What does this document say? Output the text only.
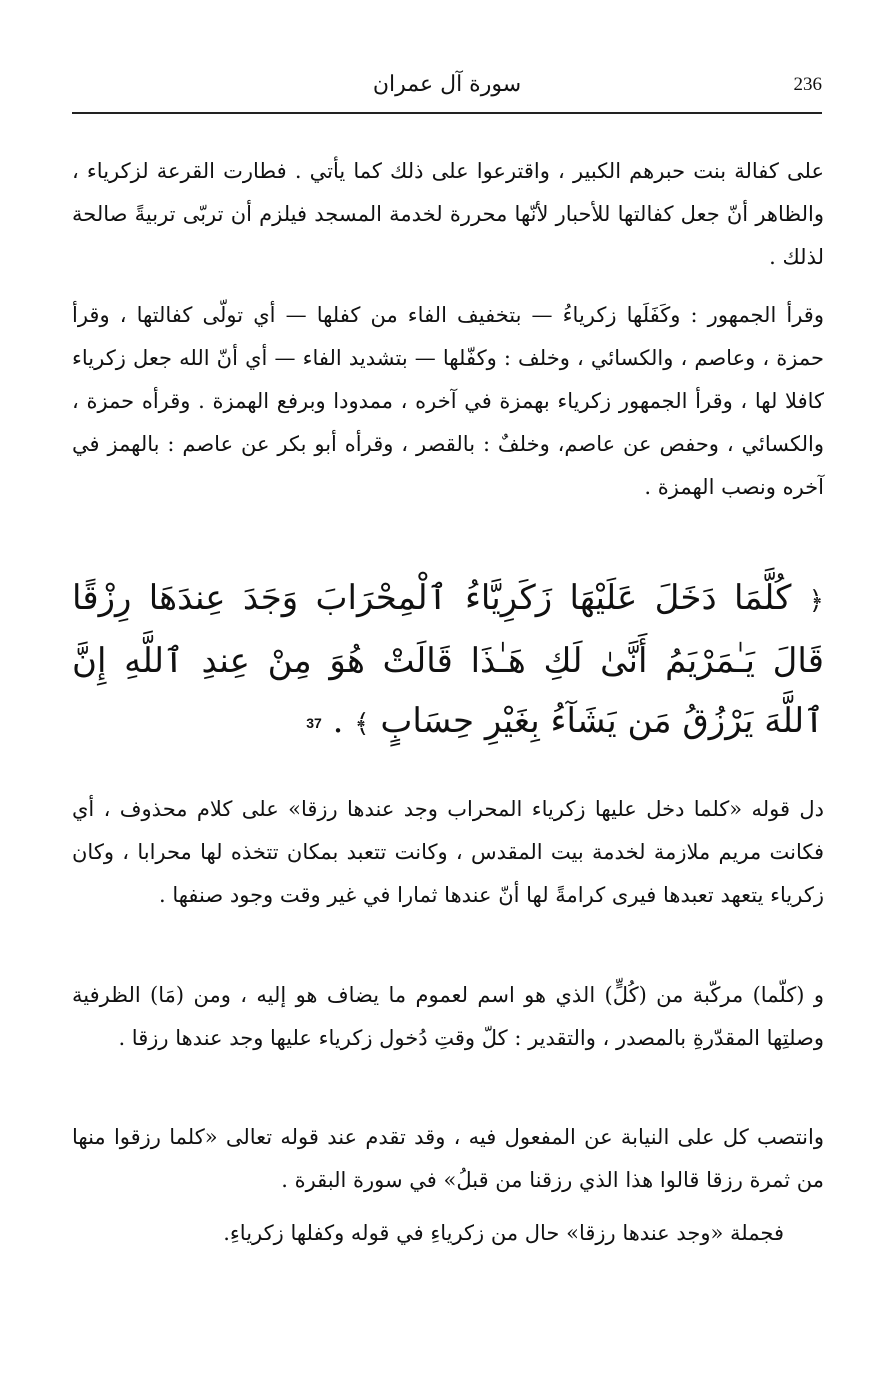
236
سورة آل عمران
على كفالة بنت حبرهم الكبير ، واقترعوا على ذلك كما يأتي . فطارت القرعة لزكرياء ، والظاهر أنّ جعل كفالتها للأحبار لأنّها محررة لخدمة المسجد فيلزم أن تربّى تربيةً صالحة لذلك .
وقرأ الجمهور : وكَفَلَها زكرياءُ — بتخفيف الفاء من كفلها — أي تولّى كفالتها ، وقرأ حمزة ، وعاصم ، والكسائي ، وخلف : وكفّلها — بتشديد الفاء — أي أنّ الله جعل زكرياء كافلا لها ، وقرأ الجمهور زكرياء بهمزة في آخره ، ممدودا وبرفع الهمزة . وقرأه حمزة ، والكسائي ، وحفص عن عاصم، وخلفٌ : بالقصر ، وقرأه أبو بكر عن عاصم : بالهمز في آخره ونصب الهمزة .
﴿ كُلَّمَا دَخَلَ عَلَيْهَا زَكَرِيَّاءُ ٱلْمِحْرَابَ وَجَدَ عِندَهَا رِزْقًا قَالَ يَـٰمَرْيَمُ أَنَّىٰ لَكِ هَـٰذَا قَالَتْ هُوَ مِنْ عِندِ ٱللَّهِ إِنَّ ٱللَّهَ يَرْزُقُ مَن يَشَآءُ بِغَيْرِ حِسَابٍ ﴾ . 37
دل قوله «كلما دخل عليها زكرياء المحراب وجد عندها رزقا» على كلام محذوف ، أي فكانت مريم ملازمة لخدمة بيت المقدس ، وكانت تتعبد بمكان تتخذه لها محرابا ، وكان زكرياء يتعهد تعبدها فيرى كرامةً لها أنّ عندها ثمارا في غير وقت وجود صنفها .
و (كلّما) مركّبة من (كُلٍّ) الذي هو اسم لعموم ما يضاف هو إليه ، ومن (مَا) الظرفية وصلتِها المقدّرةِ بالمصدر ، والتقدير : كلّ وقتِ دُخول زكرياء عليها وجد عندها رزقا .
وانتصب كل على النيابة عن المفعول فيه ، وقد تقدم عند قوله تعالى «كلما رزقوا منها من ثمرة رزقا قالوا هذا الذي رزقنا من قبلُ» في سورة البقرة .
فجملة «وجد عندها رزقا» حال من زكرياءِ في قوله وكفلها زكرياءِ.
